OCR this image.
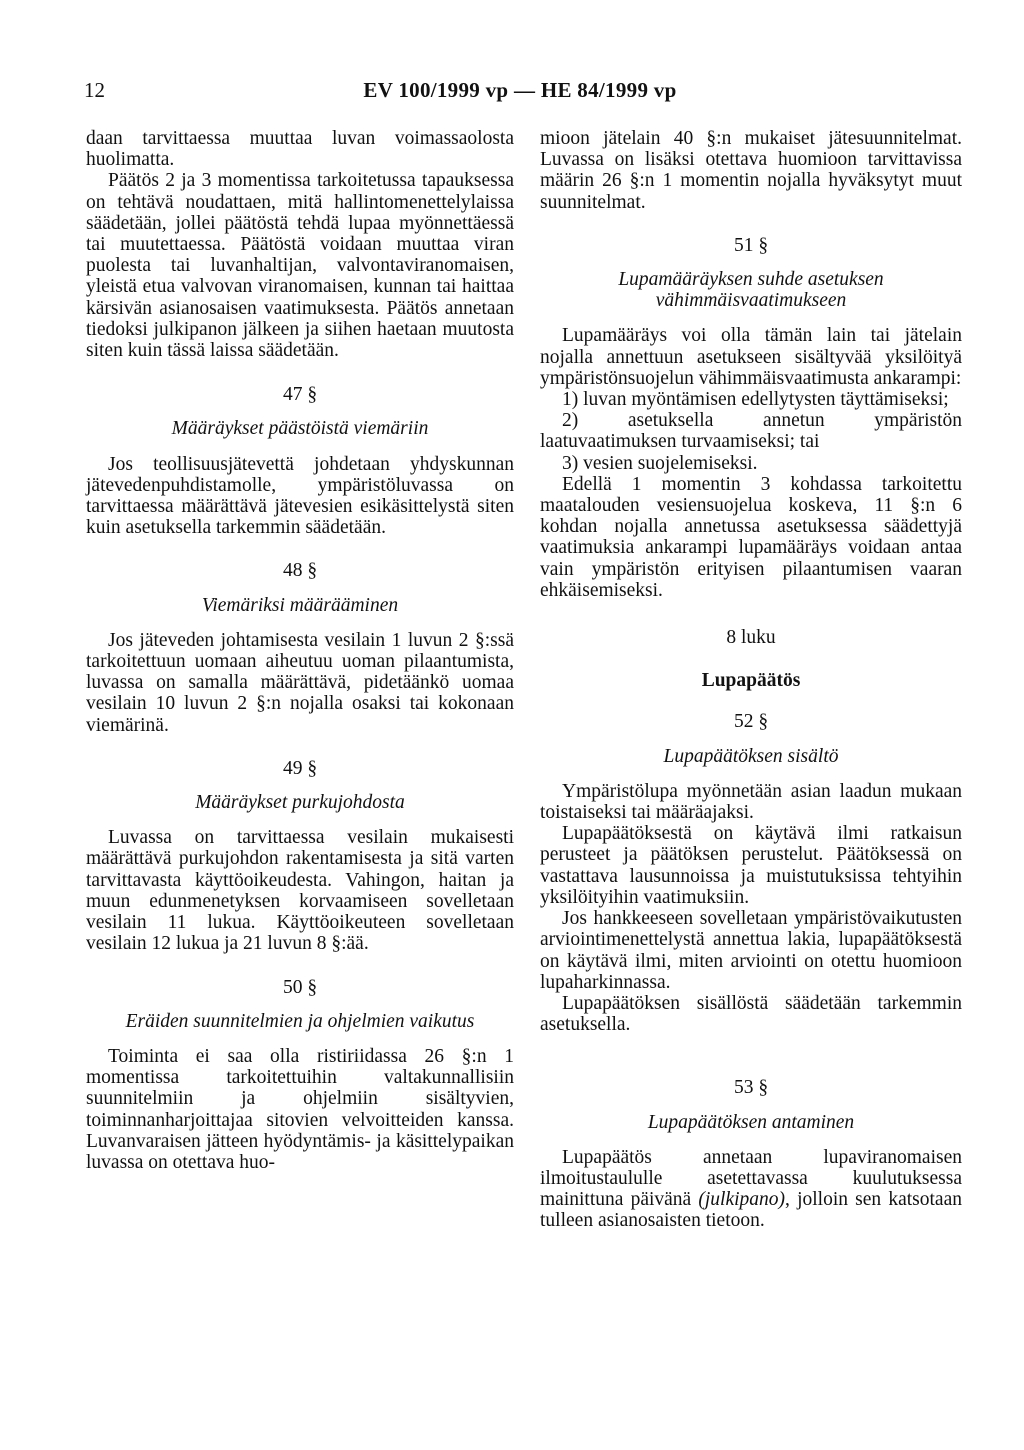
12	EV 100/1999 vp — HE 84/1999 vp

daan tarvittaessa muuttaa luvan voimassaolosta huolimatta.

Päätös 2 ja 3 momentissa tarkoitetussa tapauksessa on tehtävä noudattaen, mitä hallintomenettelylaissa säädetään, jollei päätöstä tehdä lupaa myönnettäessä tai muutettaessa. Päätöstä voidaan muuttaa viran puolesta tai luvanhaltijan, valvontaviranomaisen, yleistä etua valvovan viranomaisen, kunnan tai haittaa kärsivän asianosaisen vaatimuksesta. Päätös annetaan tiedoksi julkipanon jälkeen ja siihen haetaan muutosta siten kuin tässä laissa säädetään.

47 §

Määräykset päästöistä viemäriin

Jos teollisuusjätevettä johdetaan yhdyskunnan jätevedenpuhdistamolle, ympäristöluvassa on tarvittaessa määrättävä jätevesien esikäsittelystä siten kuin asetuksella tarkemmin säädetään.

48 §

Viemäriksi määrääminen

Jos jäteveden johtamisesta vesilain 1 luvun 2 §:ssä tarkoitettuun uomaan aiheutuu uoman pilaantumista, luvassa on samalla määrättävä, pidetäänkö uomaa vesilain 10 luvun 2 §:n nojalla osaksi tai kokonaan viemärinä.

49 §

Määräykset purkujohdosta

Luvassa on tarvittaessa vesilain mukaisesti määrättävä purkujohdon rakentamisesta ja sitä varten tarvittavasta käyttöoikeudesta. Vahingon, haitan ja muun edunmenetyksen korvaamiseen sovelletaan vesilain 11 lukua. Käyttöoikeuteen sovelletaan vesilain 12 lukua ja 21 luvun 8 §:ää.

50 §

Eräiden suunnitelmien ja ohjelmien vaikutus

Toiminta ei saa olla ristiriidassa 26 §:n 1 momentissa tarkoitettuihin valtakunnallisiin suunnitelmiin ja ohjelmiin sisältyvien, toiminnanharjoittajaa sitovien velvoitteiden kanssa. Luvanvaraisen jätteen hyödyntämis- ja käsittelypaikan luvassa on otettava huo-

mioon jätelain 40 §:n mukaiset jätesuunnitelmat. Luvassa on lisäksi otettava huomioon tarvittavissa määrin 26 §:n 1 momentin nojalla hyväksytyt muut suunnitelmat.

51 §

Lupamääräyksen suhde asetuksen vähimmäisvaatimukseen

Lupamääräys voi olla tämän lain tai jätelain nojalla annettuun asetukseen sisältyvää yksilöityä ympäristönsuojelun vähimmäisvaatimusta ankarampi:

1) luvan myöntämisen edellytysten täyttämiseksi;

2) asetuksella annetun ympäristön laatuvaatimuksen turvaamiseksi; tai

3) vesien suojelemiseksi.

Edellä 1 momentin 3 kohdassa tarkoitettu maatalouden vesiensuojelua koskeva, 11 §:n 6 kohdan nojalla annetussa asetuksessa säädettyjä vaatimuksia ankarampi lupamääräys voidaan antaa vain ympäristön erityisen pilaantumisen vaaran ehkäisemiseksi.

8 luku

Lupapäätös

52 §

Lupapäätöksen sisältö

Ympäristölupa myönnetään asian laadun mukaan toistaiseksi tai määräajaksi.

Lupapäätöksestä on käytävä ilmi ratkaisun perusteet ja päätöksen perustelut. Päätöksessä on vastattava lausunnoissa ja muistutuksissa tehtyihin yksilöityihin vaatimuksiin.

Jos hankkeeseen sovelletaan ympäristövaikutusten arviointimenettelystä annettua lakia, lupapäätöksestä on käytävä ilmi, miten arviointi on otettu huomioon lupaharkinnassa.

Lupapäätöksen sisällöstä säädetään tarkemmin asetuksella.

53 §

Lupapäätöksen antaminen

Lupapäätös annetaan lupaviranomaisen ilmoitustaululle asetettavassa kuulutuksessa mainittuna päivänä (julkipano), jolloin sen katsotaan tulleen asianosaisten tietoon.
